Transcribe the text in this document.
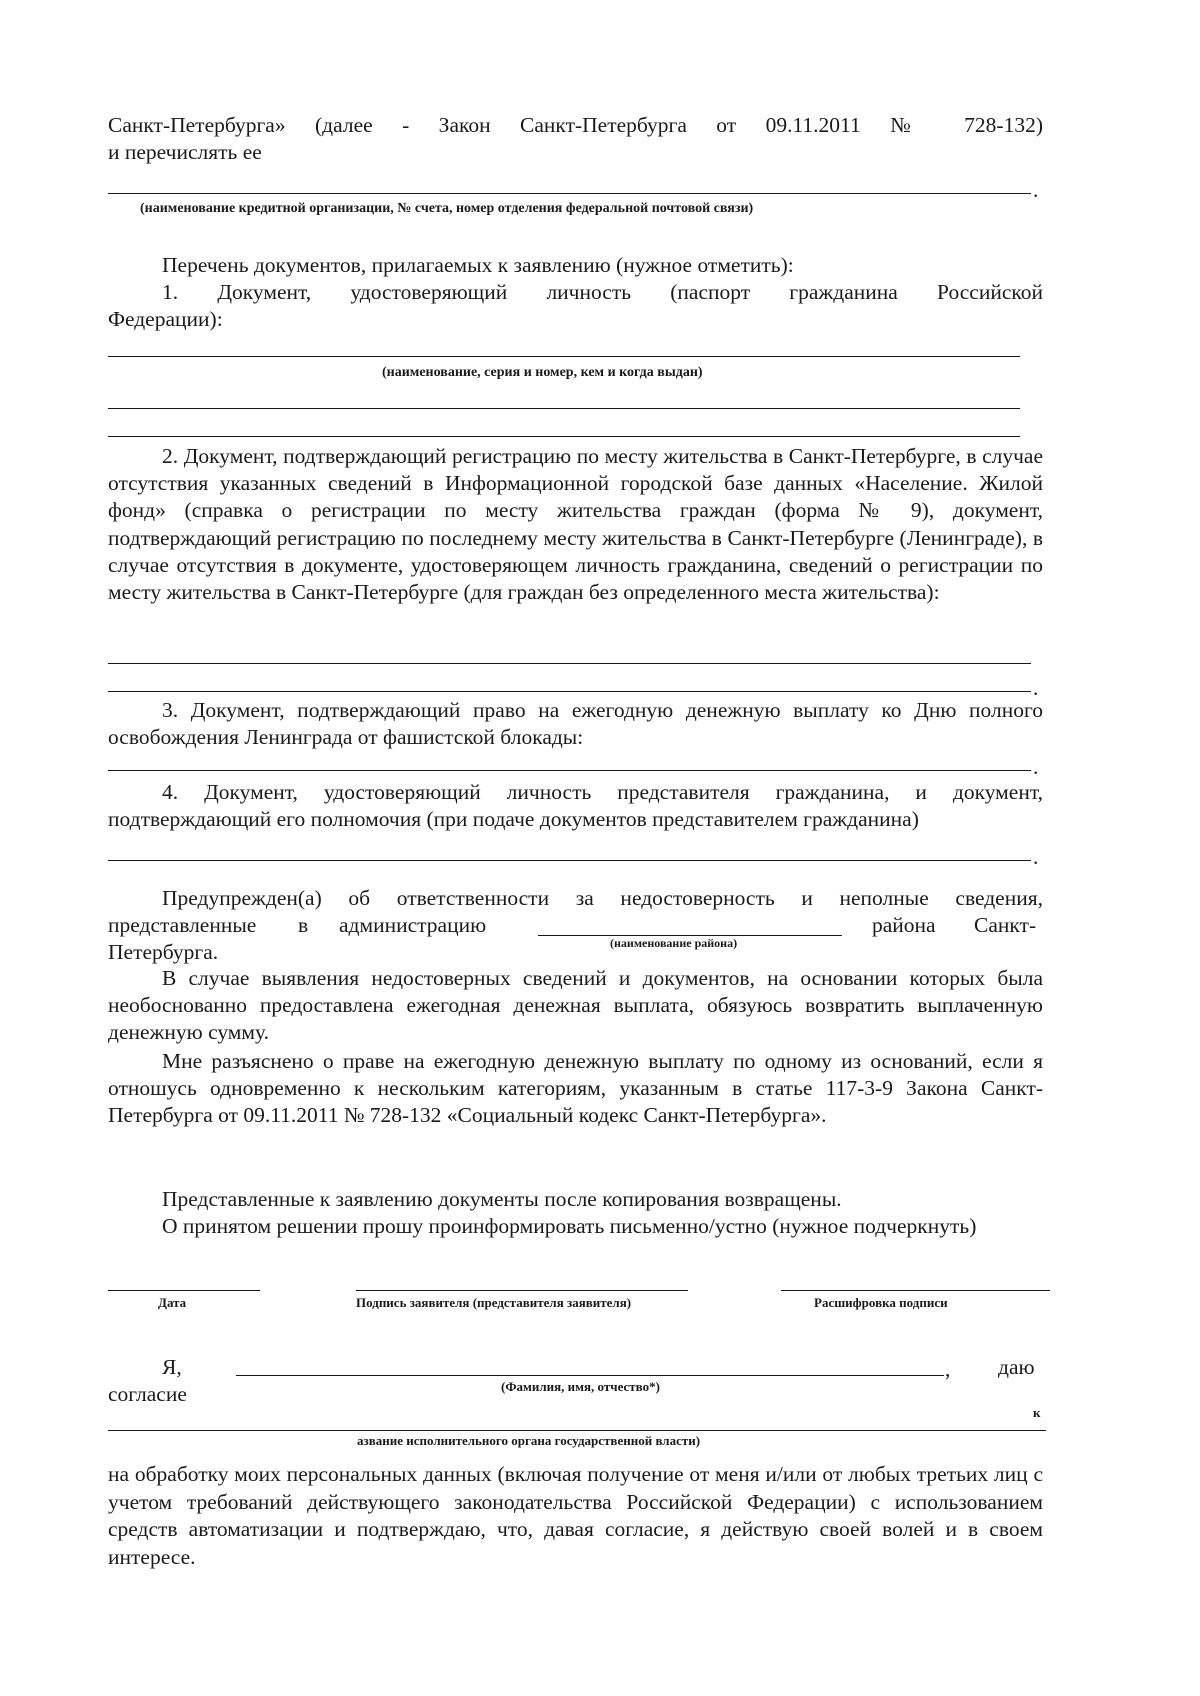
Санкт-Петербурга» (далее - Закон Санкт-Петербурга от 09.11.2011 № 728-132)
и перечислять ее
.
(наименование кредитной организации, № счета, номер отделения федеральной почтовой связи)
Перечень документов, прилагаемых к заявлению (нужное отметить):
1. Документ, удостоверяющий личность (паспорт гражданина Российской
Федерации):
(наименование, серия и номер, кем и когда выдан)
2. Документ, подтверждающий регистрацию по месту жительства в Санкт-Петербурге, в случае отсутствия указанных сведений в Информационной городской базе данных «Население. Жилой фонд» (справка о регистрации по месту жительства граждан (форма № 9), документ, подтверждающий регистрацию по последнему месту жительства в Санкт-Петербурге (Ленинграде), в случае отсутствия в документе, удостоверяющем личность гражданина, сведений о регистрации по месту жительства в Санкт-Петербурге (для граждан без определенного места жительства):
.
3. Документ, подтверждающий право на ежегодную денежную выплату ко Дню полного освобождения Ленинграда от фашистской блокады:
.
4. Документ, удостоверяющий личность представителя гражданина, и документ, подтверждающий его полномочия (при подаче документов представителем гражданина)
.
Предупрежден(а) об ответственности за недостоверность и неполные сведения,
представленные в администрацию
(наименование района)
района Санкт-
Петербурга.
В случае выявления недостоверных сведений и документов, на основании которых была необоснованно предоставлена ежегодная денежная выплата, обязуюсь возвратить выплаченную денежную сумму.
Мне разъяснено о праве на ежегодную денежную выплату по одному из оснований, если я отношусь одновременно к нескольким категориям, указанным в статье 117-3-9 Закона Санкт-Петербурга от 09.11.2011 № 728-132 «Социальный кодекс Санкт-Петербурга».
Представленные к заявлению документы после копирования возвращены.
О принятом решении прошу проинформировать письменно/устно (нужное подчеркнуть)
Дата	Подпись заявителя (представителя заявителя)	Расшифровка подписи
Я,	, даю
(Фамилия, имя, отчество*)
согласие
к
азвание исполнительного органа государственной власти)
на обработку моих персональных данных (включая получение от меня и/или от любых третьих лиц с учетом требований действующего законодательства Российской Федерации) с использованием средств автоматизации и подтверждаю, что, давая согласие, я действую своей волей и в своем интересе.
